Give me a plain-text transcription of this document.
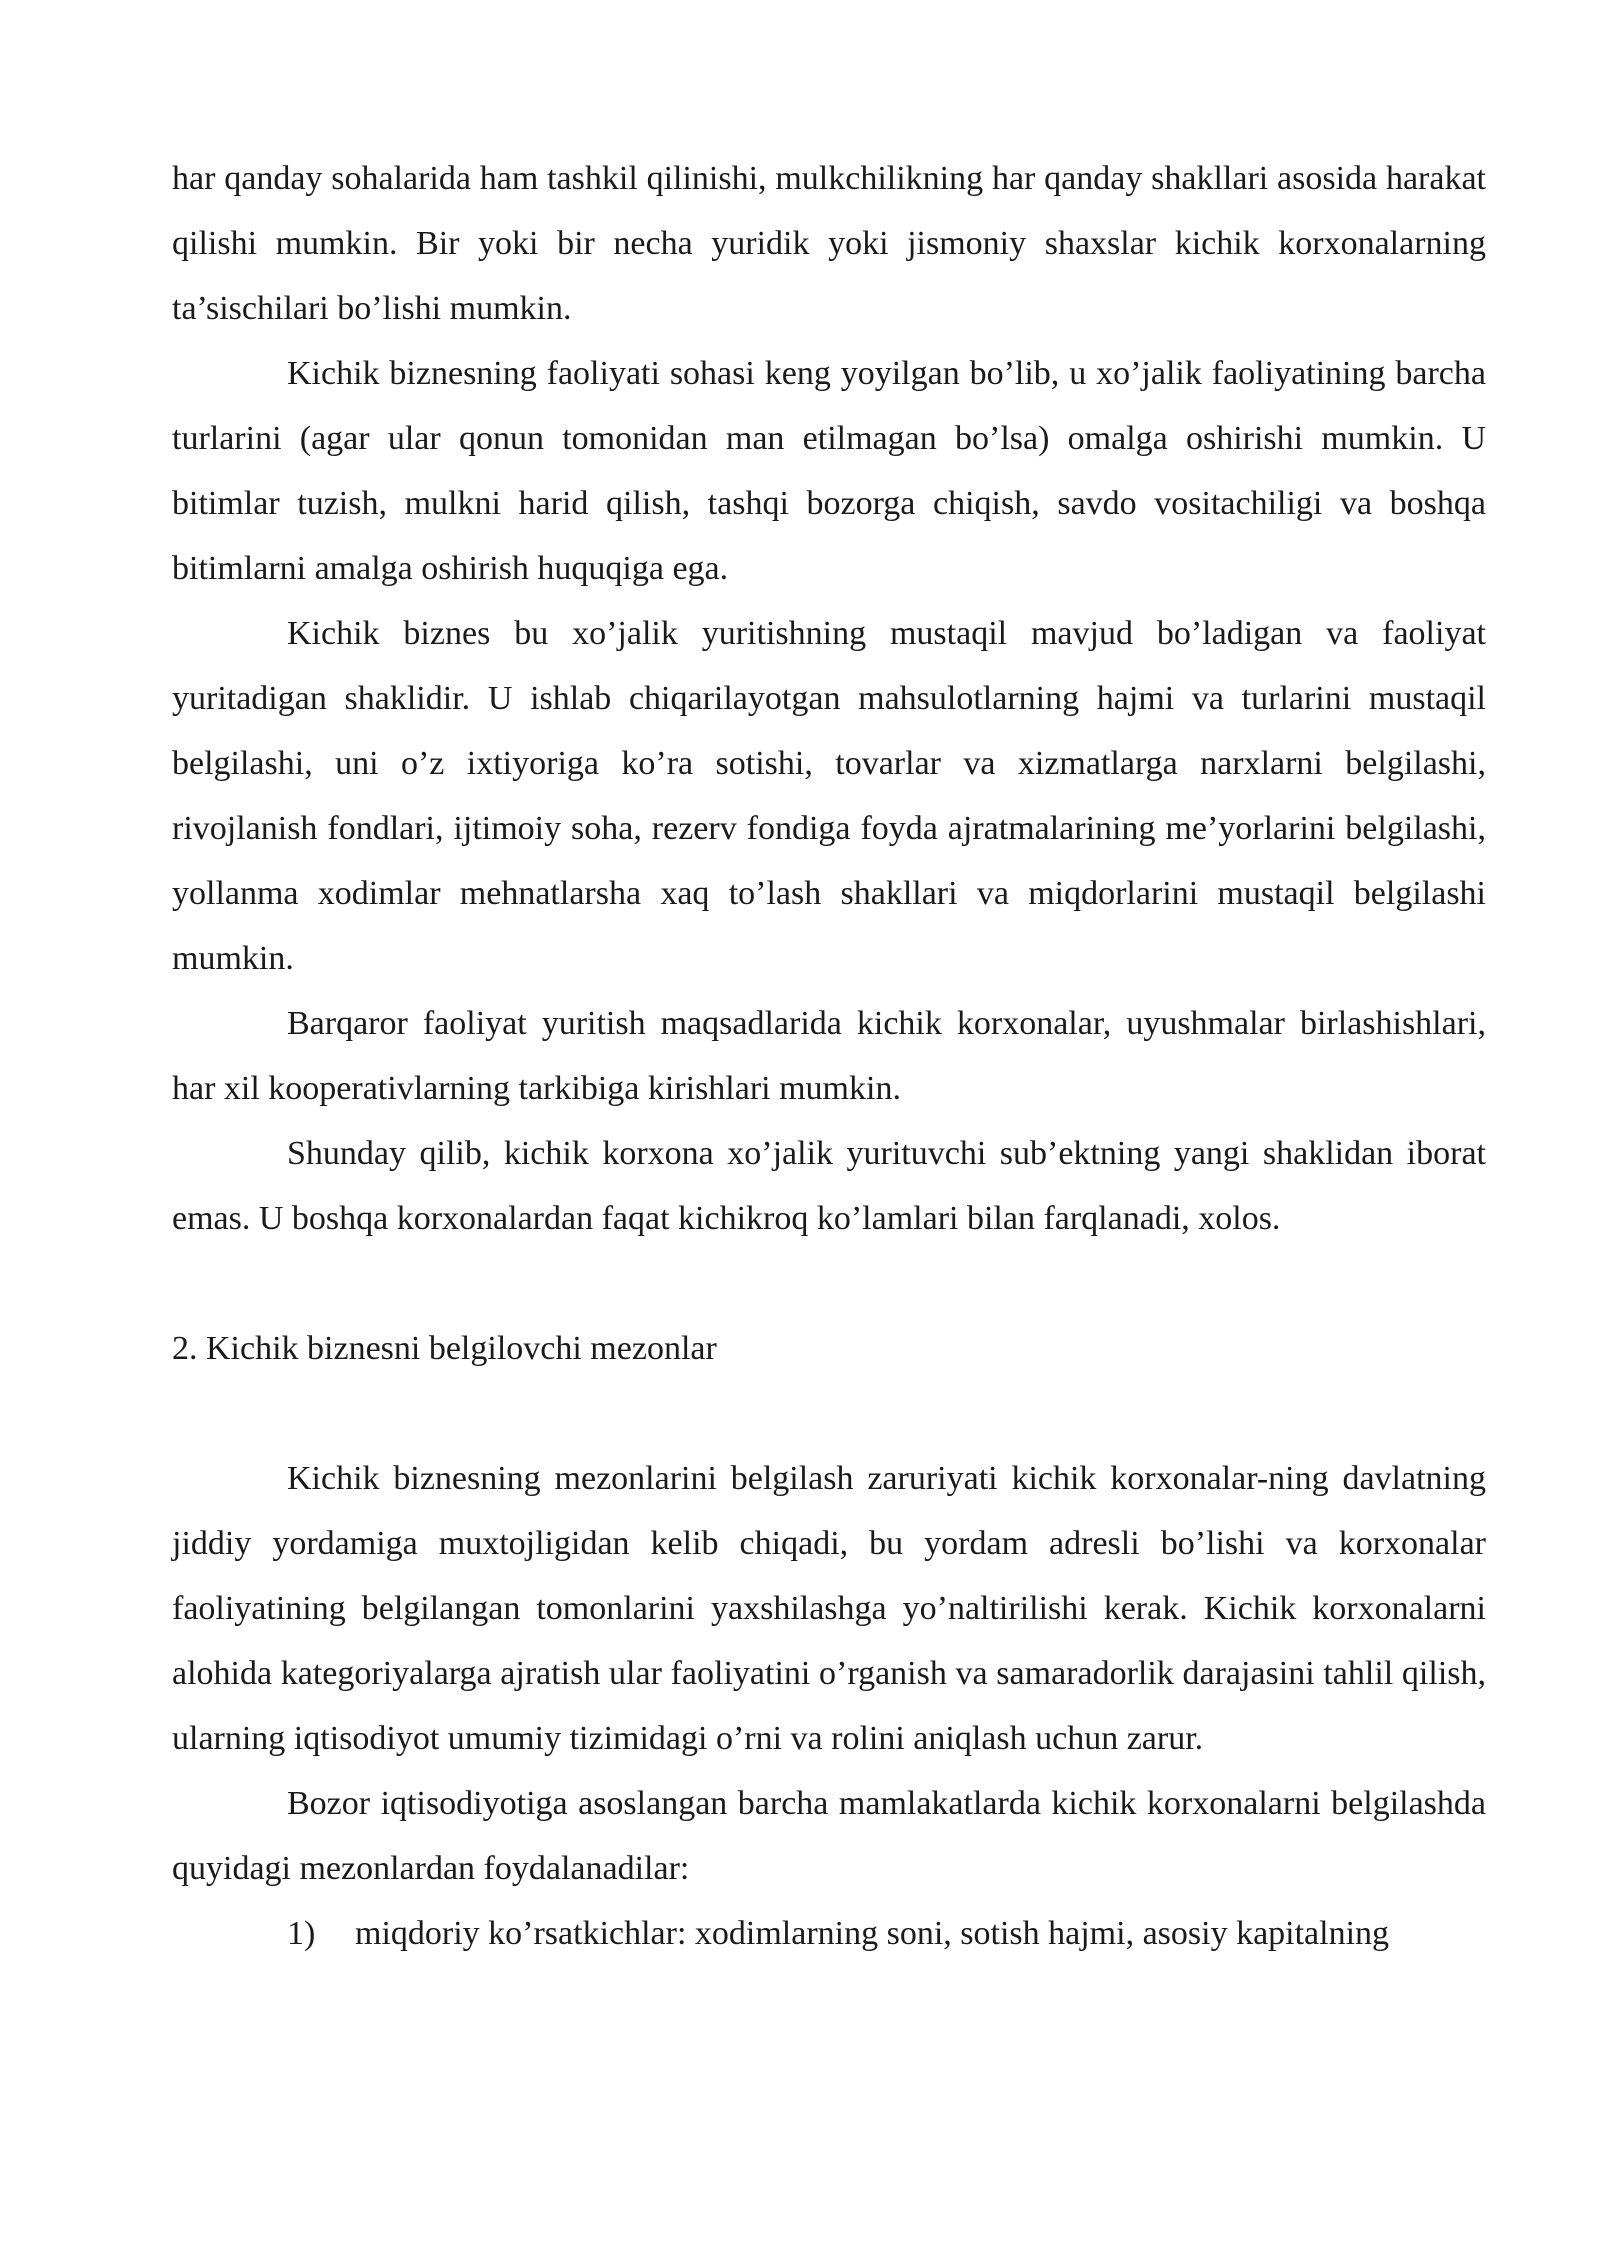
har qanday sohalarida ham tashkil qilinishi, mulkchilikning har qanday shakllari asosida harakat qilishi mumkin. Bir yoki bir necha yuridik yoki jismoniy shaxslar kichik korxonalarning ta’sischilari bo’lishi mumkin.

Kichik biznesning faoliyati sohasi keng yoyilgan bo’lib, u xo’jalik faoliyatining barcha turlarini (agar ular qonun tomonidan man etilmagan bo’lsa) omalga oshirishi mumkin. U bitimlar tuzish, mulkni harid qilish, tashqi bozorga chiqish, savdo vositachiligi va boshqa bitimlarni amalga oshirish huquqiga ega.

Kichik biznes bu xo’jalik yuritishning mustaqil mavjud bo’ladigan va faoliyat yuritadigan shaklidir. U ishlab chiqarilayotgan mahsulotlarning hajmi va turlarini mustaqil belgilashi, uni o’z ixtiyoriga ko’ra sotishi, tovarlar va xizmatlarga narxlarni belgilashi, rivojlanish fondlari, ijtimoiy soha, rezerv fondiga foyda ajratmalarining me’yorlarini belgilashi, yollanma xodimlar mehnatlarsha xaq to’lash shakllari va miqdorlarini mustaqil belgilashi mumkin.

Barqaror faoliyat yuritish maqsadlarida kichik korxonalar, uyushmalar birlashishlari, har xil kooperativlarning tarkibiga kirishlari mumkin.

Shunday qilib, kichik korxona xo’jalik yurituvchi sub’ektning yangi shaklidan iborat emas. U boshqa korxonalardan faqat kichikroq ko’lamlari bilan farqlanadi, xolos.

2. Kichik biznesni belgilovchi mezonlar

Kichik biznesning mezonlarini belgilash zaruriyati kichik korxonalar-ning davlatning jiddiy yordamiga muxtojligidan kelib chiqadi, bu yordam adresli bo’lishi va korxonalar faoliyatining belgilangan tomonlarini yaxshilashga yo’naltirilishi kerak. Kichik korxonalarni alohida kategoriyalarga ajratish ular faoliyatini o’rganish va samaradorlik darajasini tahlil qilish, ularning iqtisodiyot umumiy tizimidagi o’rni va rolini aniqlash uchun zarur.

Bozor iqtisodiyotiga asoslangan barcha mamlakatlarda kichik korxonalarni belgilashda quyidagi mezonlardan foydalanadilar:

1)	miqdoriy ko’rsatkichlar: xodimlarning soni, sotish hajmi, asosiy kapitalning
